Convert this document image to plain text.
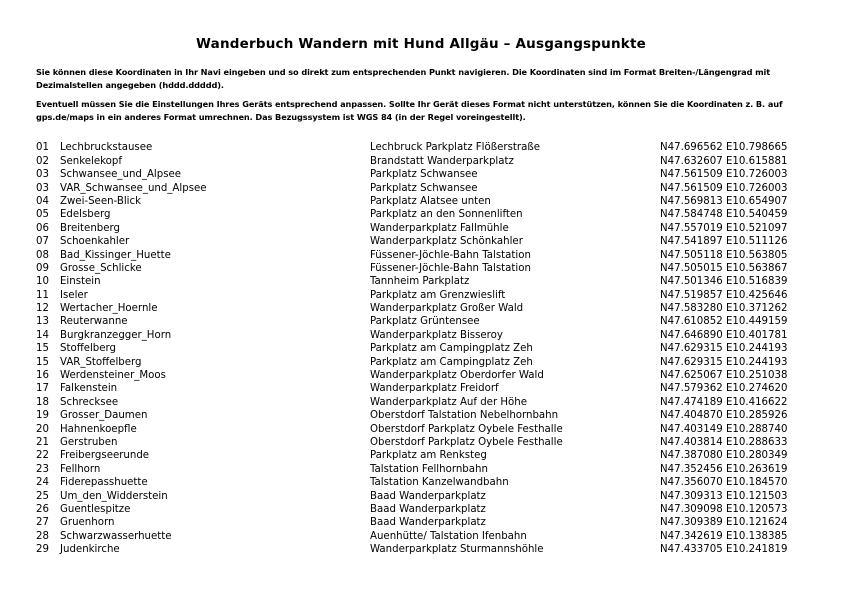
Wanderbuch Wandern mit Hund Allgäu – Ausgangspunkte

Sie können diese Koordinaten in Ihr Navi eingeben und so direkt zum entsprechenden Punkt navigieren. Die Koordinaten sind im Format Breiten-/Längengrad mit Dezimalstellen angegeben (hddd.ddddd).

Eventuell müssen Sie die Einstellungen Ihres Geräts entsprechend anpassen. Sollte Ihr Gerät dieses Format nicht unterstützen, können Sie die Koordinaten z. B. auf gps.de/maps in ein anderes Format umrechnen. Das Bezugssystem ist WGS 84 (in der Regel voreingestellt).

01	Lechbruckstausee	Lechbruck Parkplatz Flößerstraße	N47.696562 E10.798665
02	Senkelekopf	Brandstatt Wanderparkplatz	N47.632607 E10.615881
03	Schwansee_und_Alpsee	Parkplatz Schwansee	N47.561509 E10.726003
03	VAR_Schwansee_und_Alpsee	Parkplatz Schwansee	N47.561509 E10.726003
04	Zwei-Seen-Blick	Parkplatz Alatsee unten	N47.569813 E10.654907
05	Edelsberg	Parkplatz an den Sonnenliften	N47.584748 E10.540459
06	Breitenberg	Wanderparkplatz Fallmühle	N47.557019 E10.521097
07	Schoenkahler	Wanderparkplatz Schönkahler	N47.541897 E10.511126
08	Bad_Kissinger_Huette	Füssener-Jöchle-Bahn Talstation	N47.505118 E10.563805
09	Grosse_Schlicke	Füssener-Jöchle-Bahn Talstation	N47.505015 E10.563867
10	Einstein	Tannheim Parkplatz	N47.501346 E10.516839
11	Iseler	Parkplatz am Grenzwieslift	N47.519857 E10.425646
12	Wertacher_Hoernle	Wanderparkplatz Großer Wald	N47.583280 E10.371262
13	Reuterwanne	Parkplatz Grüntensee	N47.610852 E10.449159
14	Burgkranzegger_Horn	Wanderparkplatz Bisseroy	N47.646890 E10.401781
15	Stoffelberg	Parkplatz am Campingplatz Zeh	N47.629315 E10.244193
15	VAR_Stoffelberg	Parkplatz am Campingplatz Zeh	N47.629315 E10.244193
16	Werdensteiner_Moos	Wanderparkplatz Oberdorfer Wald	N47.625067 E10.251038
17	Falkenstein	Wanderparkplatz Freidorf	N47.579362 E10.274620
18	Schrecksee	Wanderparkplatz Auf der Höhe	N47.474189 E10.416622
19	Grosser_Daumen	Oberstdorf Talstation Nebelhornbahn	N47.404870 E10.285926
20	Hahnenkoepfle	Oberstdorf Parkplatz Oybele Festhalle	N47.403149 E10.288740
21	Gerstruben	Oberstdorf Parkplatz Oybele Festhalle	N47.403814 E10.288633
22	Freibergseerunde	Parkplatz am Renksteg	N47.387080 E10.280349
23	Fellhorn	Talstation Fellhornbahn	N47.352456 E10.263619
24	Fiderepasshuette	Talstation Kanzelwandbahn	N47.356070 E10.184570
25	Um_den_Widderstein	Baad Wanderparkplatz	N47.309313 E10.121503
26	Guentlespitze	Baad Wanderparkplatz	N47.309098 E10.120573
27	Gruenhorn	Baad Wanderparkplatz	N47.309389 E10.121624
28	Schwarzwasserhuette	Auenhütte/ Talstation Ifenbahn	N47.342619 E10.138385
29	Judenkirche	Wanderparkplatz Sturmannshöhle	N47.433705 E10.241819
